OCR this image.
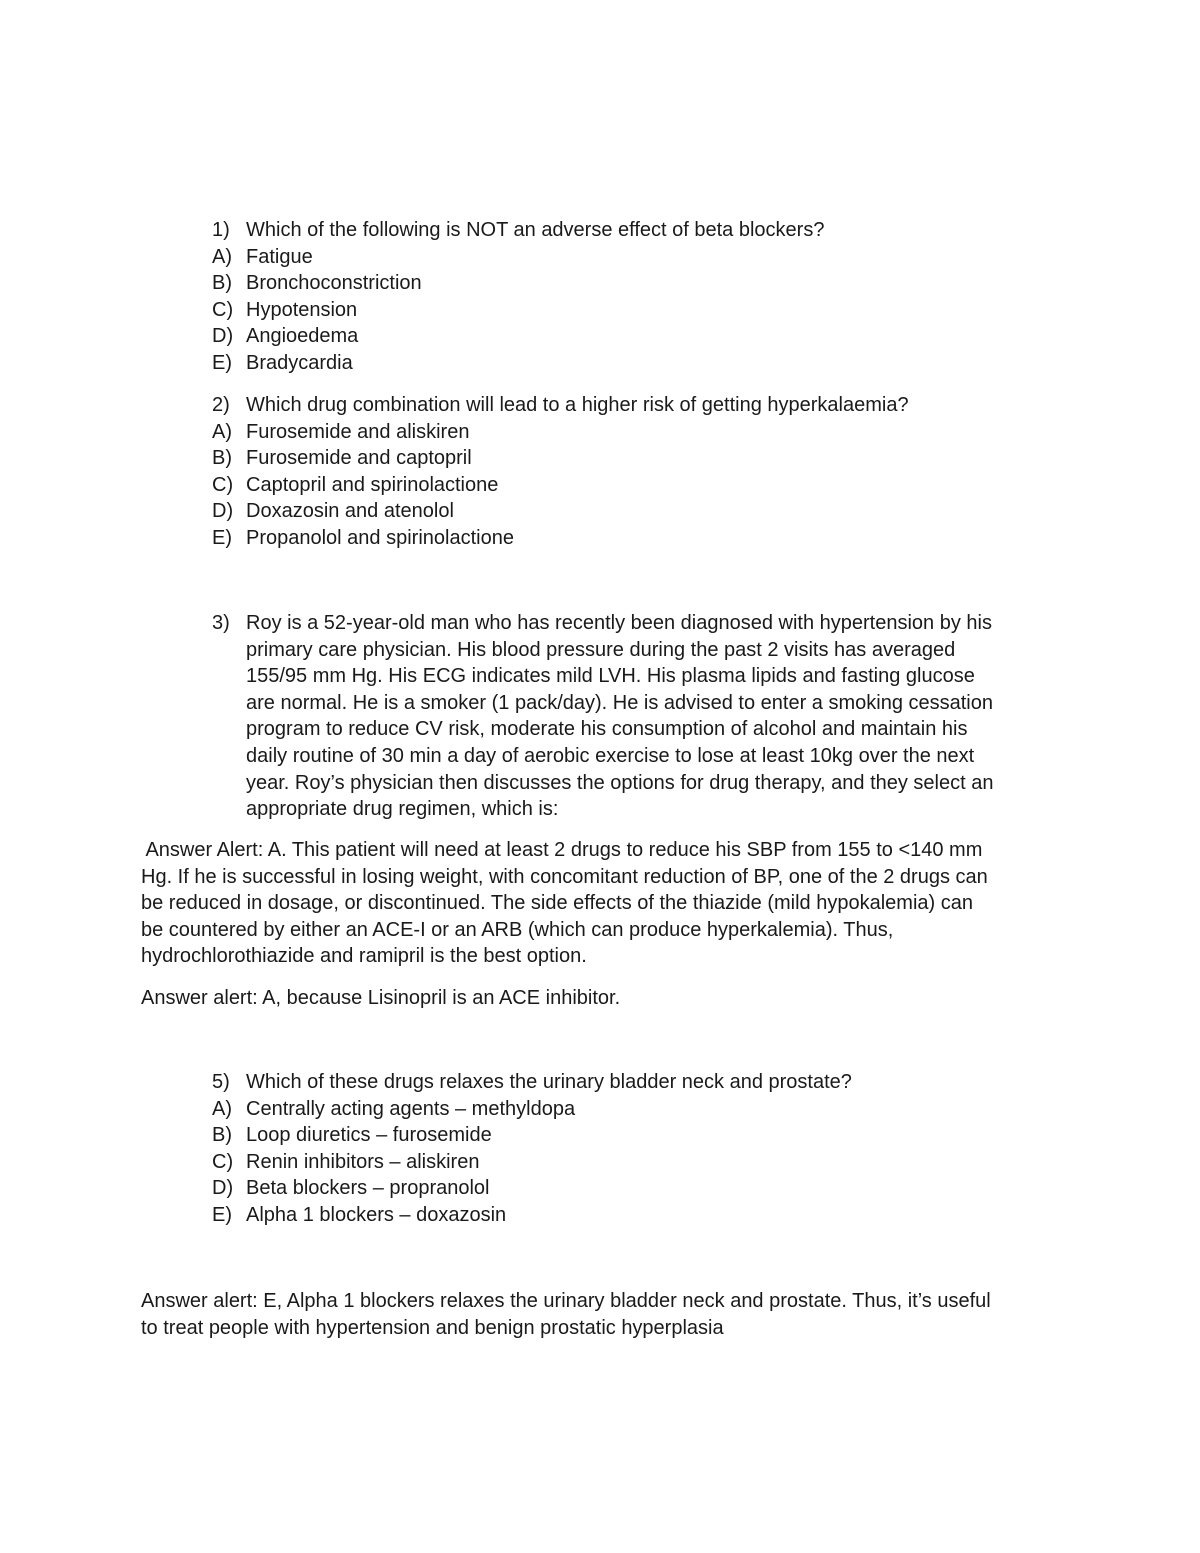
1) Which of the following is NOT an adverse effect of beta blockers?
A) Fatigue
B) Bronchoconstriction
C) Hypotension
D) Angioedema
E) Bradycardia
2) Which drug combination will lead to a higher risk of getting hyperkalaemia?
A) Furosemide and aliskiren
B) Furosemide and captopril
C) Captopril and spirinolactione
D) Doxazosin and atenolol
E) Propanolol and spirinolactione
3) Roy is a 52-year-old man who has recently been diagnosed with hypertension by his
primary care physician. His blood pressure during the past 2 visits has averaged
155/95 mm Hg. His ECG indicates mild LVH. His plasma lipids and fasting glucose
are normal. He is a smoker (1 pack/day). He is advised to enter a smoking cessation
program to reduce CV risk, moderate his consumption of alcohol and maintain his
daily routine of 30 min a day of aerobic exercise to lose at least 10kg over the next
year. Roy’s physician then discusses the options for drug therapy, and they select an
appropriate drug regimen, which is:
Answer Alert: A. This patient will need at least 2 drugs to reduce his SBP from 155 to <140 mm
Hg. If he is successful in losing weight, with concomitant reduction of BP, one of the 2 drugs can
be reduced in dosage, or discontinued. The side effects of the thiazide (mild hypokalemia) can
be countered by either an ACE-I or an ARB (which can produce hyperkalemia). Thus,
hydrochlorothiazide and ramipril is the best option.
Answer alert: A, because Lisinopril is an ACE inhibitor.
5) Which of these drugs relaxes the urinary bladder neck and prostate?
A) Centrally acting agents – methyldopa
B) Loop diuretics – furosemide
C) Renin inhibitors – aliskiren
D) Beta blockers – propranolol
E) Alpha 1 blockers – doxazosin
Answer alert: E, Alpha 1 blockers relaxes the urinary bladder neck and prostate. Thus, it’s useful
to treat people with hypertension and benign prostatic hyperplasia
